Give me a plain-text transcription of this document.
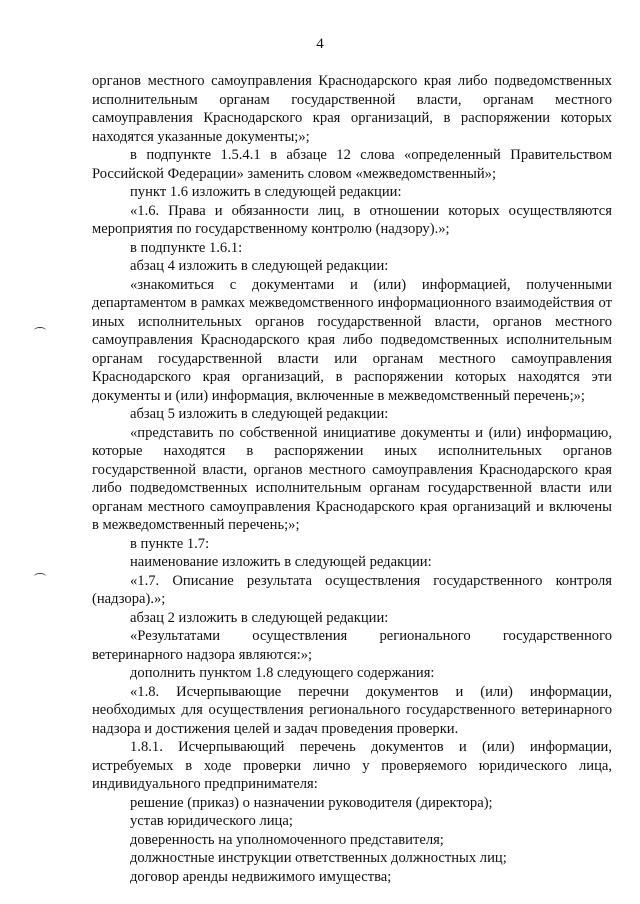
4

органов местного самоуправления Краснодарского края либо подведомственных исполнительным органам государственной власти, органам местного самоуправления Краснодарского края организаций, в распоряжении которых находятся указанные документы;»;

в подпункте 1.5.4.1 в абзаце 12 слова «определенный Правительством Российской Федерации» заменить словом «межведомственный»;

пункт 1.6 изложить в следующей редакции:

«1.6. Права и обязанности лиц, в отношении которых осуществляются мероприятия по государственному контролю (надзору).»;

в подпункте 1.6.1:

абзац 4 изложить в следующей редакции:

«знакомиться с документами и (или) информацией, полученными департаментом в рамках межведомственного информационного взаимодействия от иных исполнительных органов государственной власти, органов местного самоуправления Краснодарского края либо подведомственных исполнительным органам государственной власти или органам местного самоуправления Краснодарского края организаций, в распоряжении которых находятся эти документы и (или) информация, включенные в межведомственный перечень;»;

абзац 5 изложить в следующей редакции:

«представить по собственной инициативе документы и (или) информацию, которые находятся в распоряжении иных исполнительных органов государственной власти, органов местного самоуправления Краснодарского края либо подведомственных исполнительным органам государственной власти или органам местного самоуправления Краснодарского края организаций и включены в межведомственный перечень;»;

в пункте 1.7:

наименование изложить в следующей редакции:

«1.7. Описание результата осуществления государственного контроля (надзора).»;

абзац 2 изложить в следующей редакции:

«Результатами осуществления регионального государственного ветеринарного надзора являются:»;

дополнить пунктом 1.8 следующего содержания:

«1.8. Исчерпывающие перечни документов и (или) информации, необходимых для осуществления регионального государственного ветеринарного надзора и достижения целей и задач проведения проверки.

1.8.1. Исчерпывающий перечень документов и (или) информации, истребуемых в ходе проверки лично у проверяемого юридического лица, индивидуального предпринимателя:

решение (приказ) о назначении руководителя (директора);

устав юридического лица;

доверенность на уполномоченного представителя;

должностные инструкции ответственных должностных лиц;

договор аренды недвижимого имущества;
